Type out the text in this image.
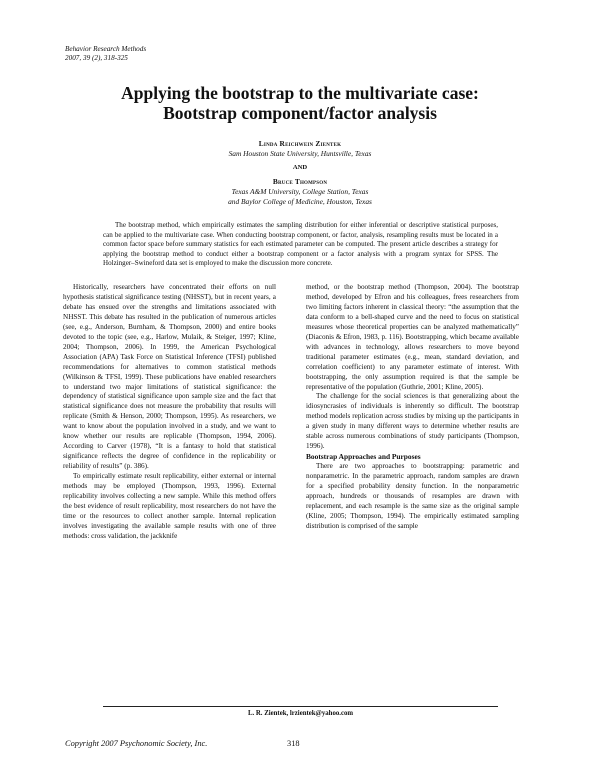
Behavior Research Methods
2007, 39 (2), 318-325
Applying the bootstrap to the multivariate case:
Bootstrap component/factor analysis
Linda Reichwein Zientek
Sam Houston State University, Huntsville, Texas
AND
Bruce Thompson
Texas A&M University, College Station, Texas
and Baylor College of Medicine, Houston, Texas
The bootstrap method, which empirically estimates the sampling distribution for either inferential or descriptive statistical purposes, can be applied to the multivariate case. When conducting bootstrap component, or factor, analysis, resampling results must be located in a common factor space before summary statistics for each estimated parameter can be computed. The present article describes a strategy for applying the bootstrap method to conduct either a bootstrap component or a factor analysis with a program syntax for SPSS. The Holzinger–Swineford data set is employed to make the discussion more concrete.

Historically, researchers have concentrated their efforts on null hypothesis statistical significance testing (NHSST), but in recent years, a debate has ensued over the strengths and limitations associated with NHSST. This debate has resulted in the publication of numerous articles (see, e.g., Anderson, Burnham, & Thompson, 2000) and entire books devoted to the topic (see, e.g., Harlow, Mulaik, & Steiger, 1997; Kline, 2004; Thompson, 2006). In 1999, the American Psychological Association (APA) Task Force on Statistical Inference (TFSI) published recommendations for alternatives to common statistical methods (Wilkinson & TFSI, 1999). These publications have enabled researchers to understand two major limitations of statistical significance: the dependency of statistical significance upon sample size and the fact that statistical significance does not measure the probability that results will replicate (Smith & Henson, 2000; Thompson, 1995). As researchers, we want to know about the population involved in a study, and we want to know whether our results are replicable (Thompson, 1994, 2006). According to Carver (1978), “It is a fantasy to hold that statistical significance reflects the degree of confidence in the replicability or reliability of results” (p. 386).

To empirically estimate result replicability, either external or internal methods may be employed (Thompson, 1993, 1996). External replicability involves collecting a new sample. While this method offers the best evidence of result replicability, most researchers do not have the time or the resources to collect another sample. Internal replication involves investigating the available sample results with one of three methods: cross validation, the jackknife

method, or the bootstrap method (Thompson, 2004). The bootstrap method, developed by Efron and his colleagues, frees researchers from two limiting factors inherent in classical theory: “the assumption that the data conform to a bell-shaped curve and the need to focus on statistical measures whose theoretical properties can be analyzed mathematically” (Diaconis & Efron, 1983, p. 116). Bootstrapping, which became available with advances in technology, allows researchers to move beyond traditional parameter estimates (e.g., mean, standard deviation, and correlation coefficient) to any parameter estimate of interest. With bootstrapping, the only assumption required is that the sample be representative of the population (Guthrie, 2001; Kline, 2005).

The challenge for the social sciences is that generalizing about the idiosyncrasies of individuals is inherently so difficult. The bootstrap method models replication across studies by mixing up the participants in a given study in many different ways to determine whether results are stable across numerous combinations of study participants (Thompson, 1996).

Bootstrap Approaches and Purposes

There are two approaches to bootstrapping: parametric and nonparametric. In the parametric approach, random samples are drawn for a specified probability density function. In the nonparametric approach, hundreds or thousands of resamples are drawn with replacement, and each resample is the same size as the original sample (Kline, 2005; Thompson, 1994). The empirically estimated sampling distribution is comprised of the sample

L. R. Zientek, lrzientek@yahoo.com
Copyright 2007 Psychonomic Society, Inc.	318
